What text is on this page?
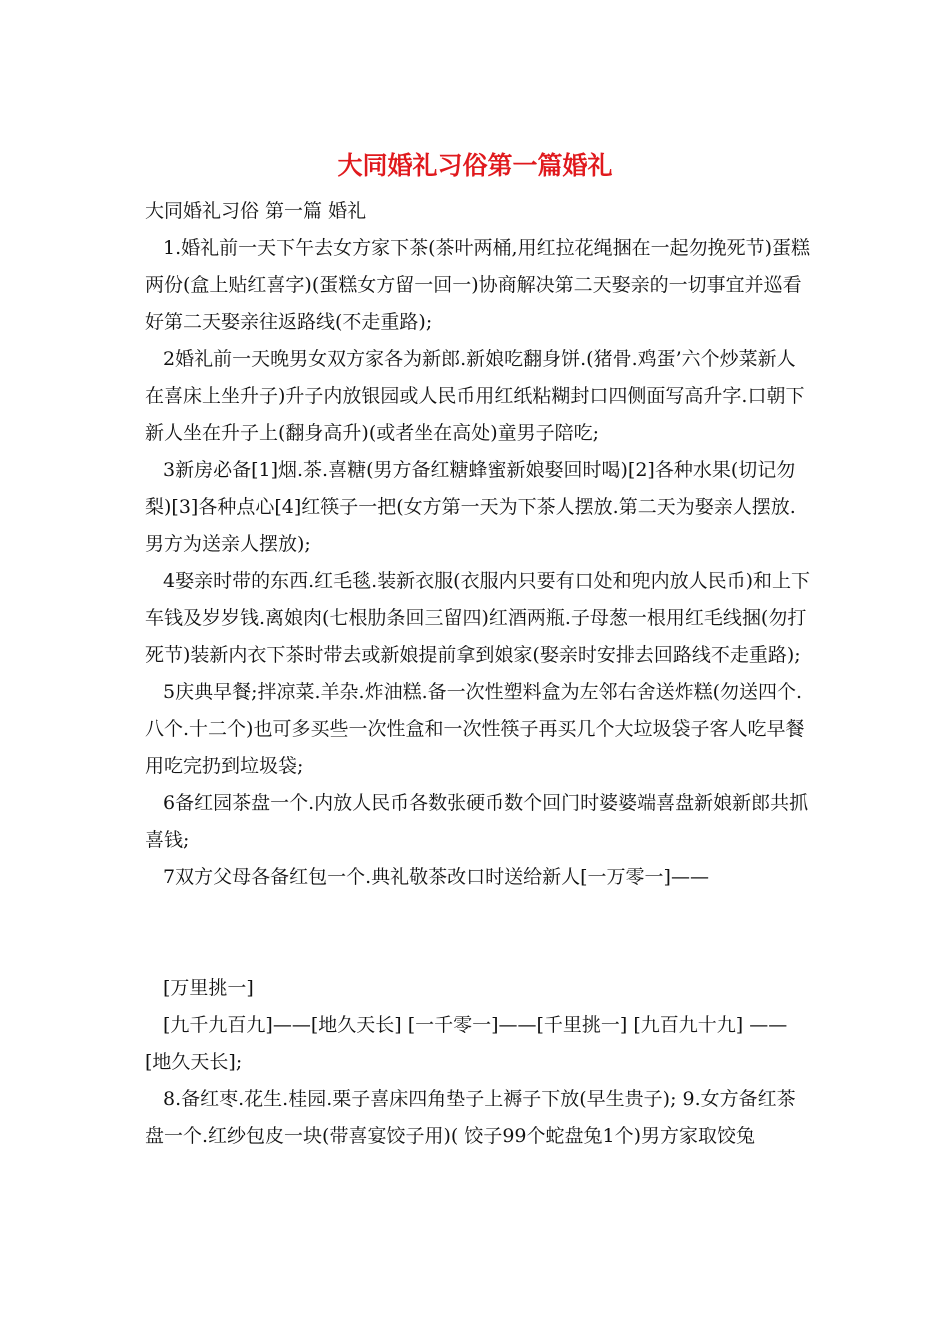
大同婚礼习俗第一篇婚礼

大同婚礼习俗 第一篇 婚礼

1.婚礼前一天下午去女方家下茶(茶叶两桶,用红拉花绳捆在一起勿挽死节)蛋糕两份(盒上贴红喜字)(蛋糕女方留一回一)协商解决第二天娶亲的一切事宜并巡看好第二天娶亲往返路线(不走重路);

2婚礼前一天晚男女双方家各为新郎.新娘吃翻身饼.(猪骨.鸡蛋’六个炒菜新人在喜床上坐升子)升子内放银园或人民币用红纸粘糊封口四侧面写高升字.口朝下新人坐在升子上(翻身高升)(或者坐在高处)童男子陪吃;

3新房必备[1]烟.茶.喜糖(男方备红糖蜂蜜新娘娶回时喝)[2]各种水果(切记勿梨)[3]各种点心[4]红筷子一把(女方第一天为下茶人摆放.第二天为娶亲人摆放.男方为送亲人摆放);

4娶亲时带的东西.红毛毯.装新衣服(衣服内只要有口处和兜内放人民币)和上下车钱及岁岁钱.离娘肉(七根肋条回三留四)红酒两瓶.子母葱一根用红毛线捆(勿打死节)装新内衣下茶时带去或新娘提前拿到娘家(娶亲时安排去回路线不走重路);

5庆典早餐;拌凉菜.羊杂.炸油糕.备一次性塑料盒为左邻右舍送炸糕(勿送四个.八个.十二个)也可多买些一次性盒和一次性筷子再买几个大垃圾袋子客人吃早餐用吃完扔到垃圾袋;

6备红园茶盘一个.内放人民币各数张硬币数个回门时婆婆端喜盘新娘新郎共抓喜钱;

7双方父母各备红包一个.典礼敬茶改口时送给新人[一万零一]——

[万里挑一]

[九千九百九]——[地久天长] [一千零一]——[千里挑一] [九百九十九] ——[地久天长];

8.备红枣.花生.桂园.栗子喜床四角垫子上褥子下放(早生贵子); 9.女方备红茶盘一个.红纱包皮一块(带喜宴饺子用)( 饺子99个蛇盘兔1个)男方家取饺兔
